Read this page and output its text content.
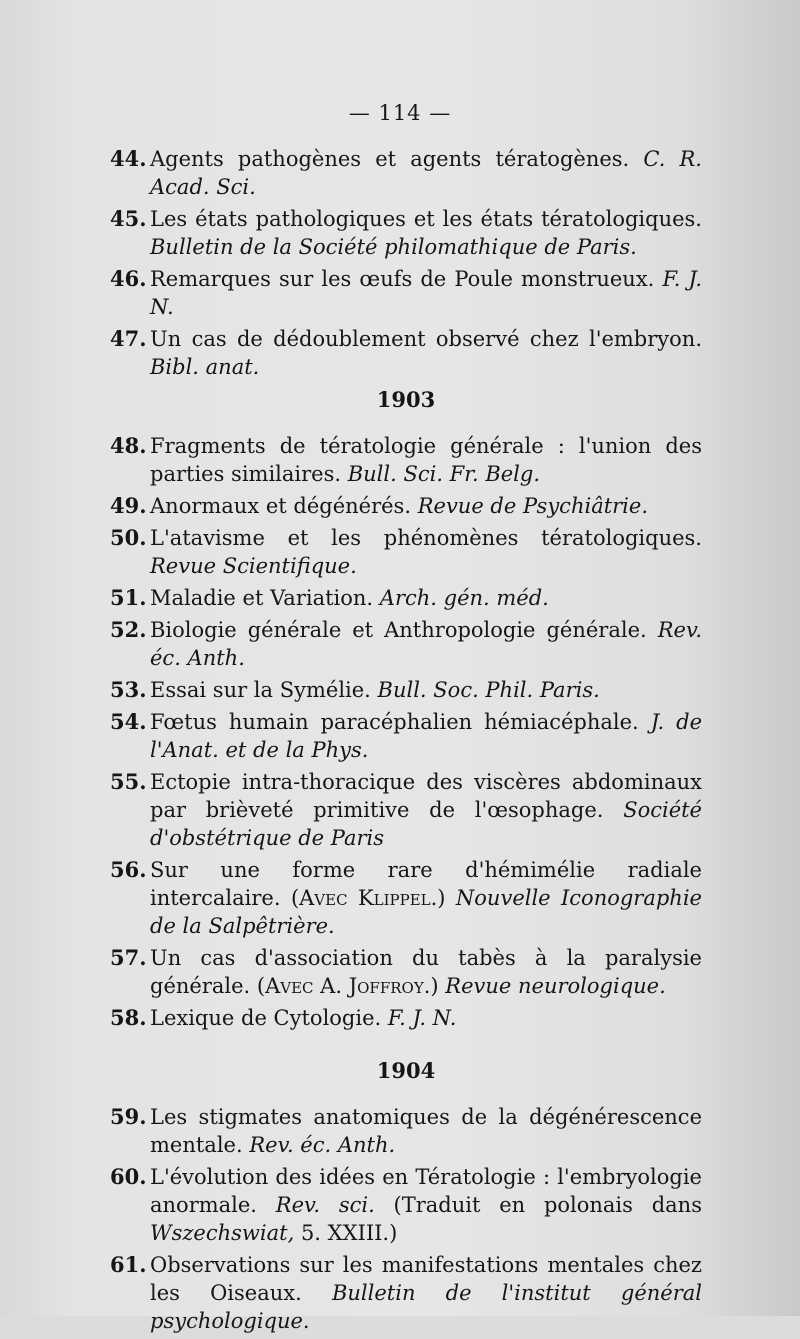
— 114 —
44. Agents pathogènes et agents tératogènes. C. R. Acad. Sci.
45. Les états pathologiques et les états tératologiques. Bulletin de la Société philomathique de Paris.
46. Remarques sur les œufs de Poule monstrueux. F. J. N.
47. Un cas de dédoublement observé chez l'embryon. Bibl. anat.
1903
48. Fragments de tératologie générale : l'union des parties similaires. Bull. Sci. Fr. Belg.
49. Anormaux et dégénérés. Revue de Psychiâtrie.
50. L'atavisme et les phénomènes tératologiques. Revue Scientifique.
51. Maladie et Variation. Arch. gén. méd.
52. Biologie générale et Anthropologie générale. Rev. éc. Anth.
53. Essai sur la Symélie. Bull. Soc. Phil. Paris.
54. Fœtus humain paracéphalien hémiacéphale. J. de l'Anat. et de la Phys.
55. Ectopie intra-thoracique des viscères abdominaux par brièveté primitive de l'œsophage. Société d'obstétrique de Paris
56. Sur une forme rare d'hémimélie radiale intercalaire. (Avec Klippel.) Nouvelle Iconographie de la Salpêtrière.
57. Un cas d'association du tabès à la paralysie générale. (Avec A. Joffroy.) Revue neurologique.
58. Lexique de Cytologie. F. J. N.
1904
59. Les stigmates anatomiques de la dégénérescence mentale. Rev. éc. Anth.
60. L'évolution des idées en Tératologie : l'embryologie anormale. Rev. sci. (Traduit en polonais dans Wszechswiat, 5. XXIII.)
61. Observations sur les manifestations mentales chez les Oiseaux. Bulletin de l'institut général psychologique.
